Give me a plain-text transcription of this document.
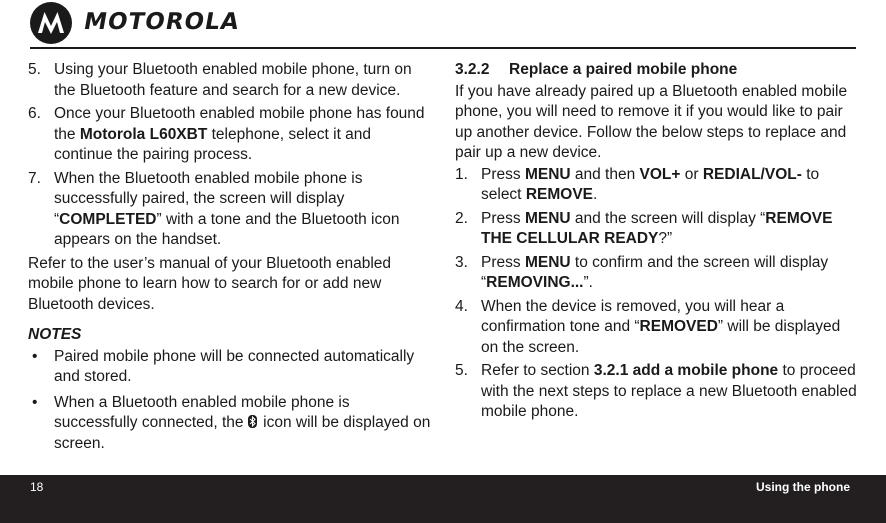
MOTOROLA
5. Using your Bluetooth enabled mobile phone, turn on the Bluetooth feature and search for a new device.
6. Once your Bluetooth enabled mobile phone has found the Motorola L60XBT telephone, select it and continue the pairing process.
7. When the Bluetooth enabled mobile phone is successfully paired, the screen will display “COMPLETED” with a tone and the Bluetooth icon appears on the handset.
Refer to the user’s manual of your Bluetooth enabled mobile phone to learn how to search for or add new Bluetooth devices.
NOTES
• Paired mobile phone will be connected automatically and stored.
• When a Bluetooth enabled mobile phone is successfully connected, the
icon will be displayed on screen.
3.2.2 Replace a paired mobile phone
If you have already paired up a Bluetooth enabled mobile phone, you will need to remove it if you would like to pair up another device. Follow the below steps to replace and pair up a new device.
1. Press MENU and then VOL+ or REDIAL/VOL- to select REMOVE.
2. Press MENU and the screen will display “REMOVE THE CELLULAR READY?”
3. Press MENU to confirm and the screen will display “REMOVING...”.
4. When the device is removed, you will hear a confirmation tone and “REMOVED” will be displayed on the screen.
5. Refer to section 3.2.1 add a mobile phone to proceed with the next steps to replace a new Bluetooth enabled mobile phone.
18	Using the phone
